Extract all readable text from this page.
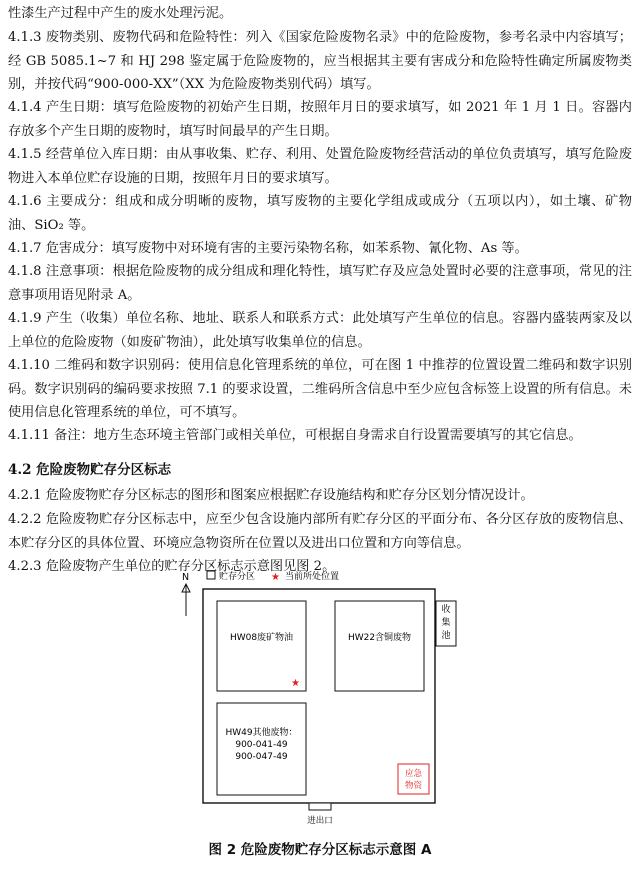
性漆生产过程中产生的废水处理污泥。

4.1.3 废物类别、废物代码和危险特性：列入《国家危险废物名录》中的危险废物，参考名录中内容填写；经 GB 5085.1~7 和 HJ 298 鉴定属于危险废物的，应当根据其主要有害成分和危险特性确定所属废物类别，并按代码“900-000-XX”（XX 为危险废物类别代码）填写。

4.1.4 产生日期：填写危险废物的初始产生日期，按照年月日的要求填写，如 2021 年 1 月 1 日。容器内存放多个产生日期的废物时，填写时间最早的产生日期。

4.1.5 经营单位入库日期：由从事收集、贮存、利用、处置危险废物经营活动的单位负责填写，填写危险废物进入本单位贮存设施的日期，按照年月日的要求填写。

4.1.6 主要成分：组成和成分明晰的废物，填写废物的主要化学组成或成分（五项以内），如土壤、矿物油、SiO₂ 等。

4.1.7 危害成分：填写废物中对环境有害的主要污染物名称，如苯系物、氰化物、As 等。

4.1.8 注意事项：根据危险废物的成分组成和理化特性，填写贮存及应急处置时必要的注意事项，常见的注意事项用语见附录 A。

4.1.9 产生（收集）单位名称、地址、联系人和联系方式：此处填写产生单位的信息。容器内盛装两家及以上单位的危险废物（如废矿物油），此处填写收集单位的信息。

4.1.10 二维码和数字识别码：使用信息化管理系统的单位，可在图 1 中推荐的位置设置二维码和数字识别码。数字识别码的编码要求按照 7.1 的要求设置，二维码所含信息中至少应包含标签上设置的所有信息。未使用信息化管理系统的单位，可不填写。

4.1.11 备注：地方生态环境主管部门或相关单位，可根据自身需求自行设置需要填写的其它信息。

4.2 危险废物贮存分区标志

4.2.1 危险废物贮存分区标志的图形和图案应根据贮存设施结构和贮存分区划分情况设计。

4.2.2 危险废物贮存分区标志中，应至少包含设施内部所有贮存分区的平面分布、各分区存放的废物信息、本贮存分区的具体位置、环境应急物资所在位置以及进出口位置和方向等信息。

4.2.3 危险废物产生单位的贮存分区标志示意图见图 2。

N	贮存分区 ★ 当前所处位置
HW08废矿物油
★
HW22含铜废物
HW49其他废物：
900-041-49
900-047-49
收
集
池
应急
物资
进出口
图 2 危险废物贮存分区标志示意图 A
